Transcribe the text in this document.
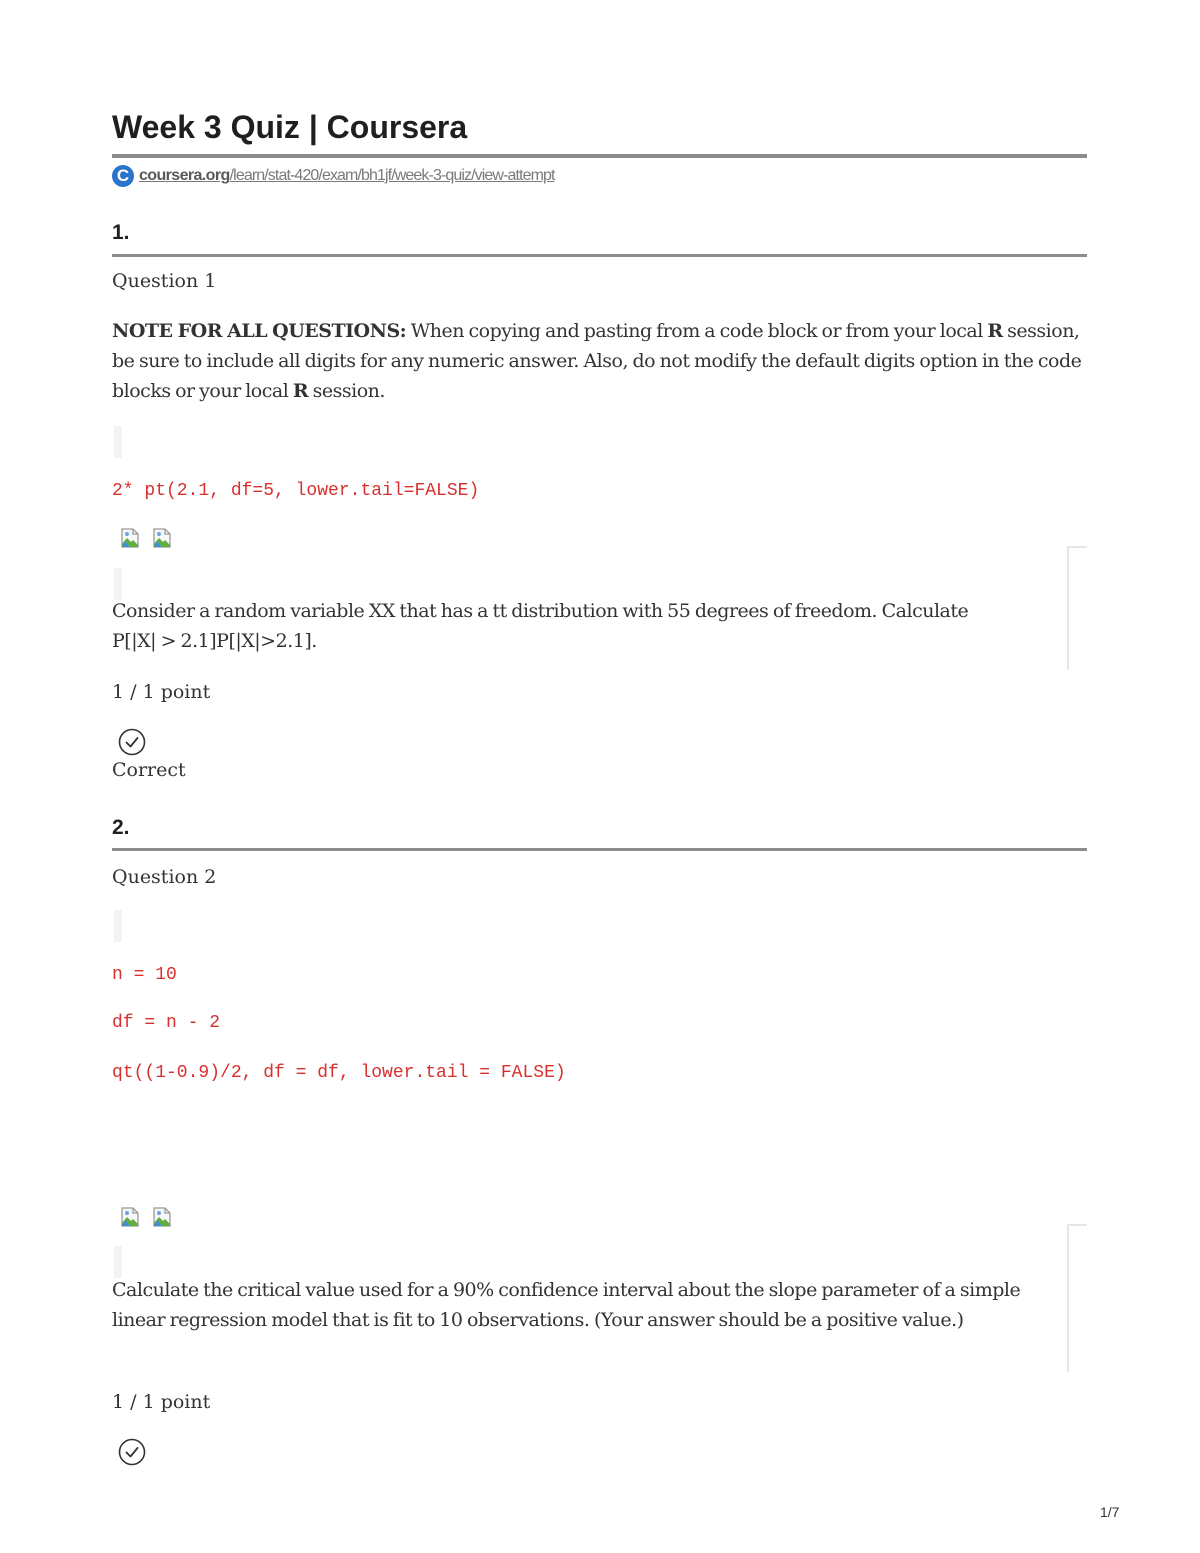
Week 3 Quiz | Coursera
C coursera.org/learn/stat-420/exam/bh1jf/week-3-quiz/view-attempt
1.

Question 1

NOTE FOR ALL QUESTIONS: When copying and pasting from a code block or from your local R session, be sure to include all digits for any numeric answer. Also, do not modify the default digits option in the code blocks or your local R session.

2* pt(2.1, df=5, lower.tail=FALSE)

Consider a random variable XX that has a tt distribution with 55 degrees of freedom. Calculate
P[|X| > 2.1]P[|X|>2.1].

1 / 1 point

Correct

2.

Question 2

n = 10
df = n - 2
qt((1-0.9)/2, df = df, lower.tail = FALSE)

Calculate the critical value used for a 90% confidence interval about the slope parameter of a simple linear regression model that is fit to 10 observations. (Your answer should be a positive value.)

1 / 1 point

1/7
